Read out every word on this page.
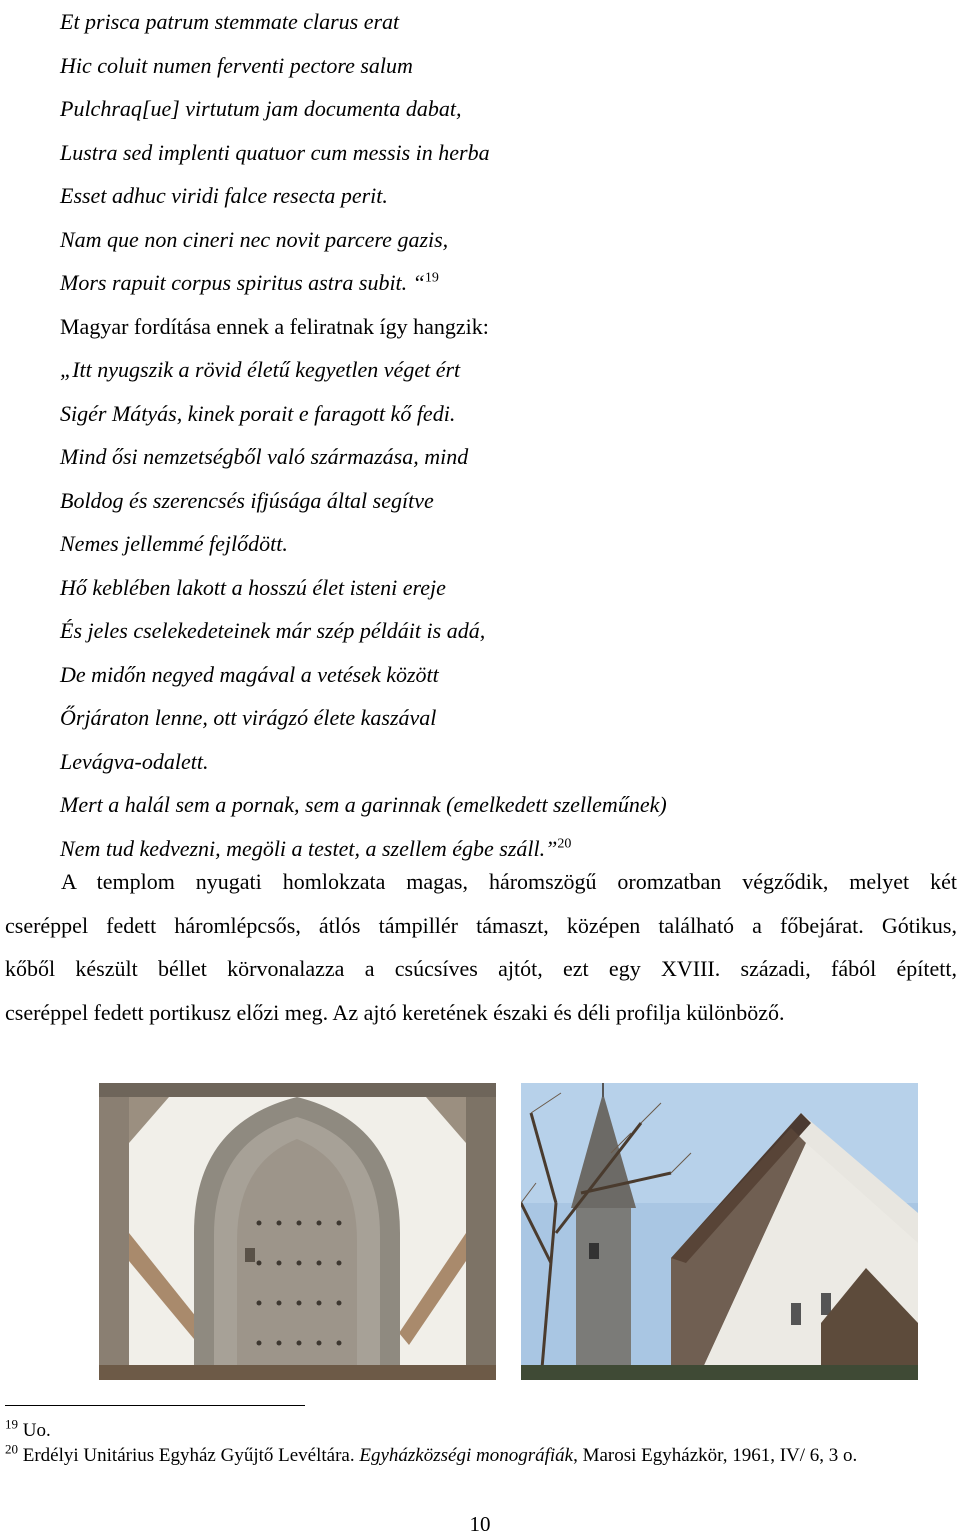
Et prisca patrum stemmate clarus erat
Hic coluit numen ferventi pectore salum
Pulchraq[ue] virtutum jam documenta dabat,
Lustra sed implenti quatuor cum messis in herba
Esset adhuc viridi falce resecta perit.
Nam que non cineri nec novit parcere gazis,
Mors rapuit corpus spiritus astra subit. “$^{19}$
Magyar fordítása ennek a feliratnak így hangzik:
„Itt nyugszik a rövid életű kegyetlen véget ért
Sigér Mátyás, kinek porait e faragott kő fedi.
Mind ősi nemzetségből való származása, mind
Boldog és szerencsés ifjúsága által segítve
Nemes jellemmé fejlődött.
Hő keblében lakott a hosszú élet isteni ereje
És jeles cselekedeteinek már szép példáit is adá,
De midőn negyed magával a vetések között
Őrjáraton lenne, ott virágzó élete kaszával
Levágva-odalett.
Mert a halál sem a pornak, sem a garinnak (emelkedett szelleműnek)
Nem tud kedvezni, megöli a testet, a szellem égbe száll.”$^{20}$
A templom nyugati homlokzata magas, háromszögű oromzatban végződik, melyet két
cseréppel fedett háromlépcsős, átlós támpillér támaszt, középen található a főbejárat. Gótikus,
kőből készült béllet körvonalazza a csúcsíves ajtót, ezt egy XVIII. századi, fából épített,
cseréppel fedett portikusz előzi meg. Az ajtó keretének északi és déli profilja különböző.
$^{19}$ Uo.
$^{20}$ Erdélyi Unitárius Egyház Gyűjtő Levéltára. Egyházközségi monográfiák, Marosi Egyházkör, 1961, IV/ 6, 3 o.
10
